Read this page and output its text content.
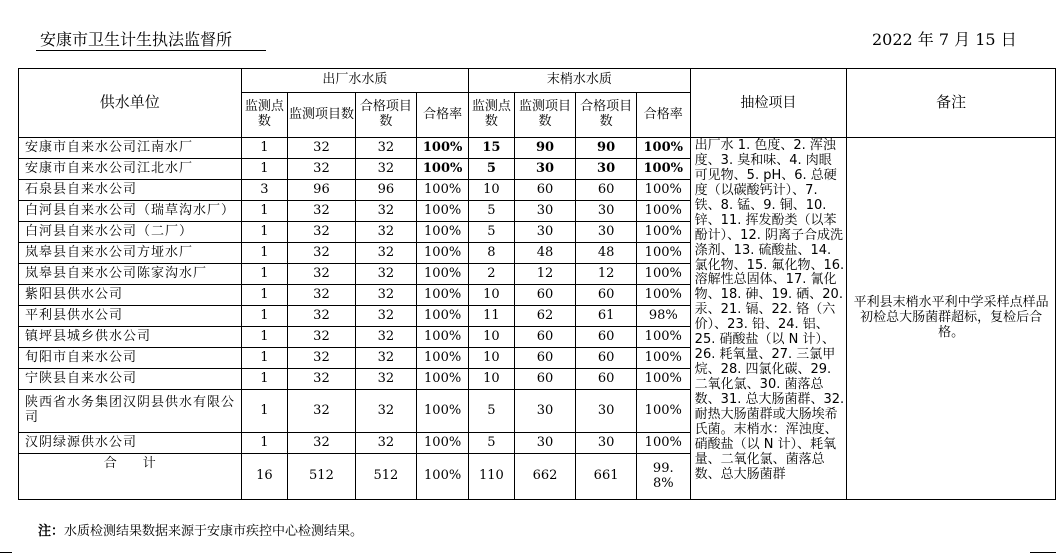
安康市卫生计生执法监督所	2022 年 7 月 15 日
供水单位	出厂水水质				末梢水水质				抽检项目	备注
	监测点数	监测项目数	合格项目数	合格率	监测点数	监测项目数	合格项目数	合格率		
安康市自来水公司江南水厂	1	32	32	100%	15	90	90	100%	出厂水 1. 色度、2. 浑浊度、3. 臭和味、4. 肉眼可见物、5. pH、6. 总硬度（以碳酸钙计）、7. 铁、8. 锰、9. 铜、10. 锌、11. 挥发酚类（以苯酚计）、12. 阴离子合成洗涤剂、13. 硫酸盐、14. 氯化物、15. 氟化物、16. 溶解性总固体、17. 氰化物、18. 砷、19. 硒、20. 汞、21. 镉、22. 铬（六价）、23. 铅、24. 铝、25. 硝酸盐（以 N 计）、26. 耗氧量、27. 三氯甲烷、28. 四氯化碳、29. 二氧化氯、30. 菌落总数、31. 总大肠菌群、32. 耐热大肠菌群或大肠埃希氏菌。末梢水：浑浊度、硝酸盐（以 N 计）、耗氧量、二氧化氯、菌落总数、总大肠菌群	平利县末梢水平利中学采样点样品初检总大肠菌群超标，复检后合格。
安康市自来水公司江北水厂	1	32	32	100%	5	30	30	100%		
石泉县自来水公司	3	96	96	100%	10	60	60	100%		
白河县自来水公司（瑞草沟水厂）	1	32	32	100%	5	30	30	100%		
白河县自来水公司（二厂）	1	32	32	100%	5	30	30	100%		
岚皋县自来水公司方垭水厂	1	32	32	100%	8	48	48	100%		
岚皋县自来水公司陈家沟水厂	1	32	32	100%	2	12	12	100%		
紫阳县供水公司	1	32	32	100%	10	60	60	100%		
平利县供水公司	1	32	32	100%	11	62	61	98%		
镇坪县城乡供水公司	1	32	32	100%	10	60	60	100%		
旬阳市自来水公司	1	32	32	100%	10	60	60	100%		
宁陕县自来水公司	1	32	32	100%	10	60	60	100%		
陕西省水务集团汉阴县供水有限公司	1	32	32	100%	5	30	30	100%		
汉阴绿源供水公司	1	32	32	100%	5	30	30	100%		
合　　计	16	512	512	100%	110	662	661	99.8%		
注：水质检测结果数据来源于安康市疾控中心检测结果。
